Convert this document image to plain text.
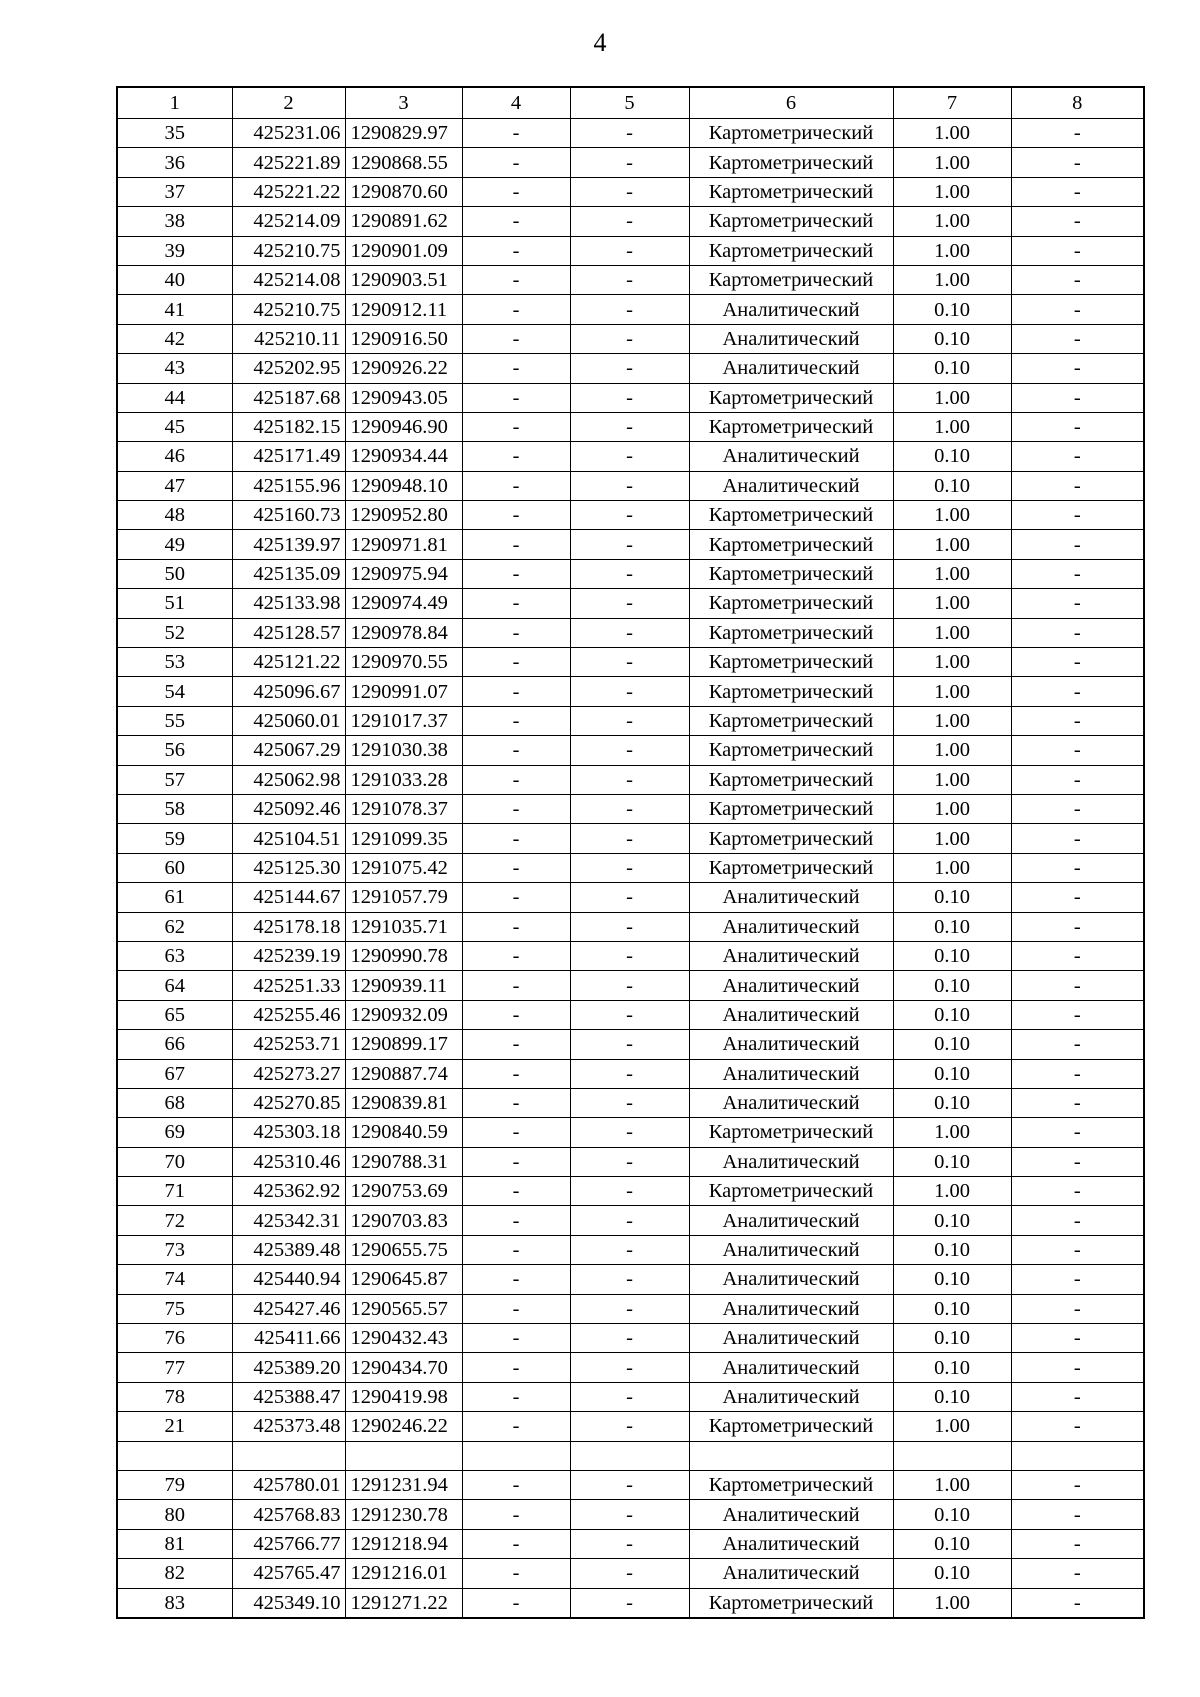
4
1	2	3	4	5	6	7	8
35	425231.06	1290829.97	-	-	Картометрический	1.00	-
36	425221.89	1290868.55	-	-	Картометрический	1.00	-
37	425221.22	1290870.60	-	-	Картометрический	1.00	-
38	425214.09	1290891.62	-	-	Картометрический	1.00	-
39	425210.75	1290901.09	-	-	Картометрический	1.00	-
40	425214.08	1290903.51	-	-	Картометрический	1.00	-
41	425210.75	1290912.11	-	-	Аналитический	0.10	-
42	425210.11	1290916.50	-	-	Аналитический	0.10	-
43	425202.95	1290926.22	-	-	Аналитический	0.10	-
44	425187.68	1290943.05	-	-	Картометрический	1.00	-
45	425182.15	1290946.90	-	-	Картометрический	1.00	-
46	425171.49	1290934.44	-	-	Аналитический	0.10	-
47	425155.96	1290948.10	-	-	Аналитический	0.10	-
48	425160.73	1290952.80	-	-	Картометрический	1.00	-
49	425139.97	1290971.81	-	-	Картометрический	1.00	-
50	425135.09	1290975.94	-	-	Картометрический	1.00	-
51	425133.98	1290974.49	-	-	Картометрический	1.00	-
52	425128.57	1290978.84	-	-	Картометрический	1.00	-
53	425121.22	1290970.55	-	-	Картометрический	1.00	-
54	425096.67	1290991.07	-	-	Картометрический	1.00	-
55	425060.01	1291017.37	-	-	Картометрический	1.00	-
56	425067.29	1291030.38	-	-	Картометрический	1.00	-
57	425062.98	1291033.28	-	-	Картометрический	1.00	-
58	425092.46	1291078.37	-	-	Картометрический	1.00	-
59	425104.51	1291099.35	-	-	Картометрический	1.00	-
60	425125.30	1291075.42	-	-	Картометрический	1.00	-
61	425144.67	1291057.79	-	-	Аналитический	0.10	-
62	425178.18	1291035.71	-	-	Аналитический	0.10	-
63	425239.19	1290990.78	-	-	Аналитический	0.10	-
64	425251.33	1290939.11	-	-	Аналитический	0.10	-
65	425255.46	1290932.09	-	-	Аналитический	0.10	-
66	425253.71	1290899.17	-	-	Аналитический	0.10	-
67	425273.27	1290887.74	-	-	Аналитический	0.10	-
68	425270.85	1290839.81	-	-	Аналитический	0.10	-
69	425303.18	1290840.59	-	-	Картометрический	1.00	-
70	425310.46	1290788.31	-	-	Аналитический	0.10	-
71	425362.92	1290753.69	-	-	Картометрический	1.00	-
72	425342.31	1290703.83	-	-	Аналитический	0.10	-
73	425389.48	1290655.75	-	-	Аналитический	0.10	-
74	425440.94	1290645.87	-	-	Аналитический	0.10	-
75	425427.46	1290565.57	-	-	Аналитический	0.10	-
76	425411.66	1290432.43	-	-	Аналитический	0.10	-
77	425389.20	1290434.70	-	-	Аналитический	0.10	-
78	425388.47	1290419.98	-	-	Аналитический	0.10	-
21	425373.48	1290246.22	-	-	Картометрический	1.00	-

79	425780.01	1291231.94	-	-	Картометрический	1.00	-
80	425768.83	1291230.78	-	-	Аналитический	0.10	-
81	425766.77	1291218.94	-	-	Аналитический	0.10	-
82	425765.47	1291216.01	-	-	Аналитический	0.10	-
83	425349.10	1291271.22	-	-	Картометрический	1.00	-
